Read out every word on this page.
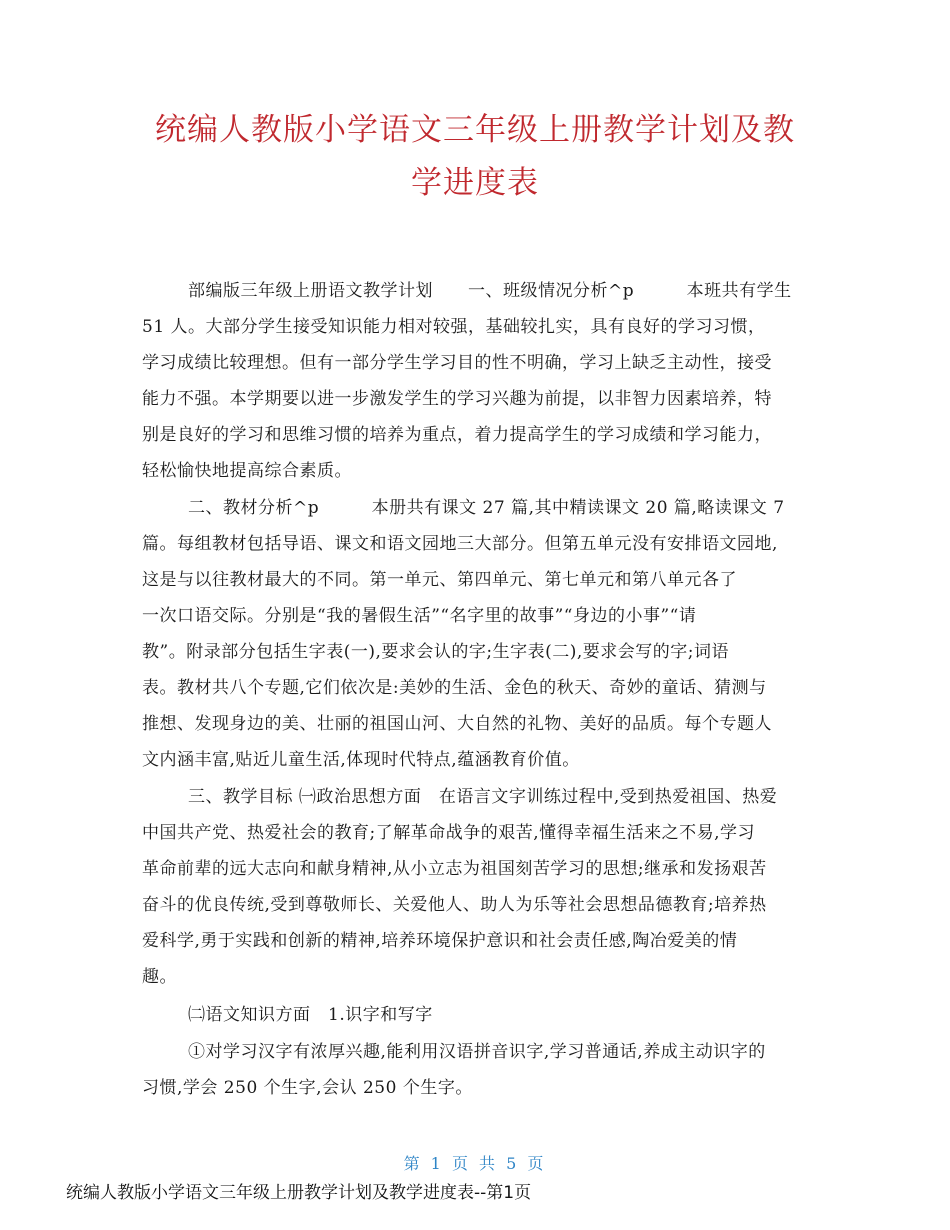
统编人教版小学语文三年级上册教学计划及教
学进度表
部编版三年级上册语文教学计划　　一、班级情况分析^p　　　本班共有学生
51 人。大部分学生接受知识能力相对较强，基础较扎实，具有良好的学习习惯，
学习成绩比较理想。但有一部分学生学习目的性不明确，学习上缺乏主动性，接受
能力不强。本学期要以进一步激发学生的学习兴趣为前提，以非智力因素培养，特
别是良好的学习和思维习惯的培养为重点，着力提高学生的学习成绩和学习能力，
轻松愉快地提高综合素质。
二、教材分析^p　　　本册共有课文 27 篇,其中精读课文 20 篇,略读课文 7
篇。每组教材包括导语、课文和语文园地三大部分。但第五单元没有安排语文园地,
这是与以往教材最大的不同。第一单元、第四单元、第七单元和第八单元各了
一次口语交际。分别是“我的暑假生活”“名字里的故事”“身边的小事”“请
教”。附录部分包括生字表(一),要求会认的字;生字表(二),要求会写的字;词语
表。教材共八个专题,它们依次是:美妙的生活、金色的秋天、奇妙的童话、猜测与
推想、发现身边的美、壮丽的祖国山河、大自然的礼物、美好的品质。每个专题人
文内涵丰富,贴近儿童生活,体现时代特点,蕴涵教育价值。
三、教学目标 ㈠政治思想方面　在语言文字训练过程中,受到热爱祖国、热爱
中国共产党、热爱社会的教育;了解革命战争的艰苦,懂得幸福生活来之不易,学习
革命前辈的远大志向和献身精神,从小立志为祖国刻苦学习的思想;继承和发扬艰苦
奋斗的优良传统,受到尊敬师长、关爱他人、助人为乐等社会思想品德教育;培养热
爱科学,勇于实践和创新的精神,培养环境保护意识和社会责任感,陶冶爱美的情
趣。
㈡语文知识方面　1.识字和写字
①对学习汉字有浓厚兴趣,能利用汉语拼音识字,学习普通话,养成主动识字的
习惯,学会 250 个生字,会认 250 个生字。
第 1 页 共 5 页
统编人教版小学语文三年级上册教学计划及教学进度表--第1页
